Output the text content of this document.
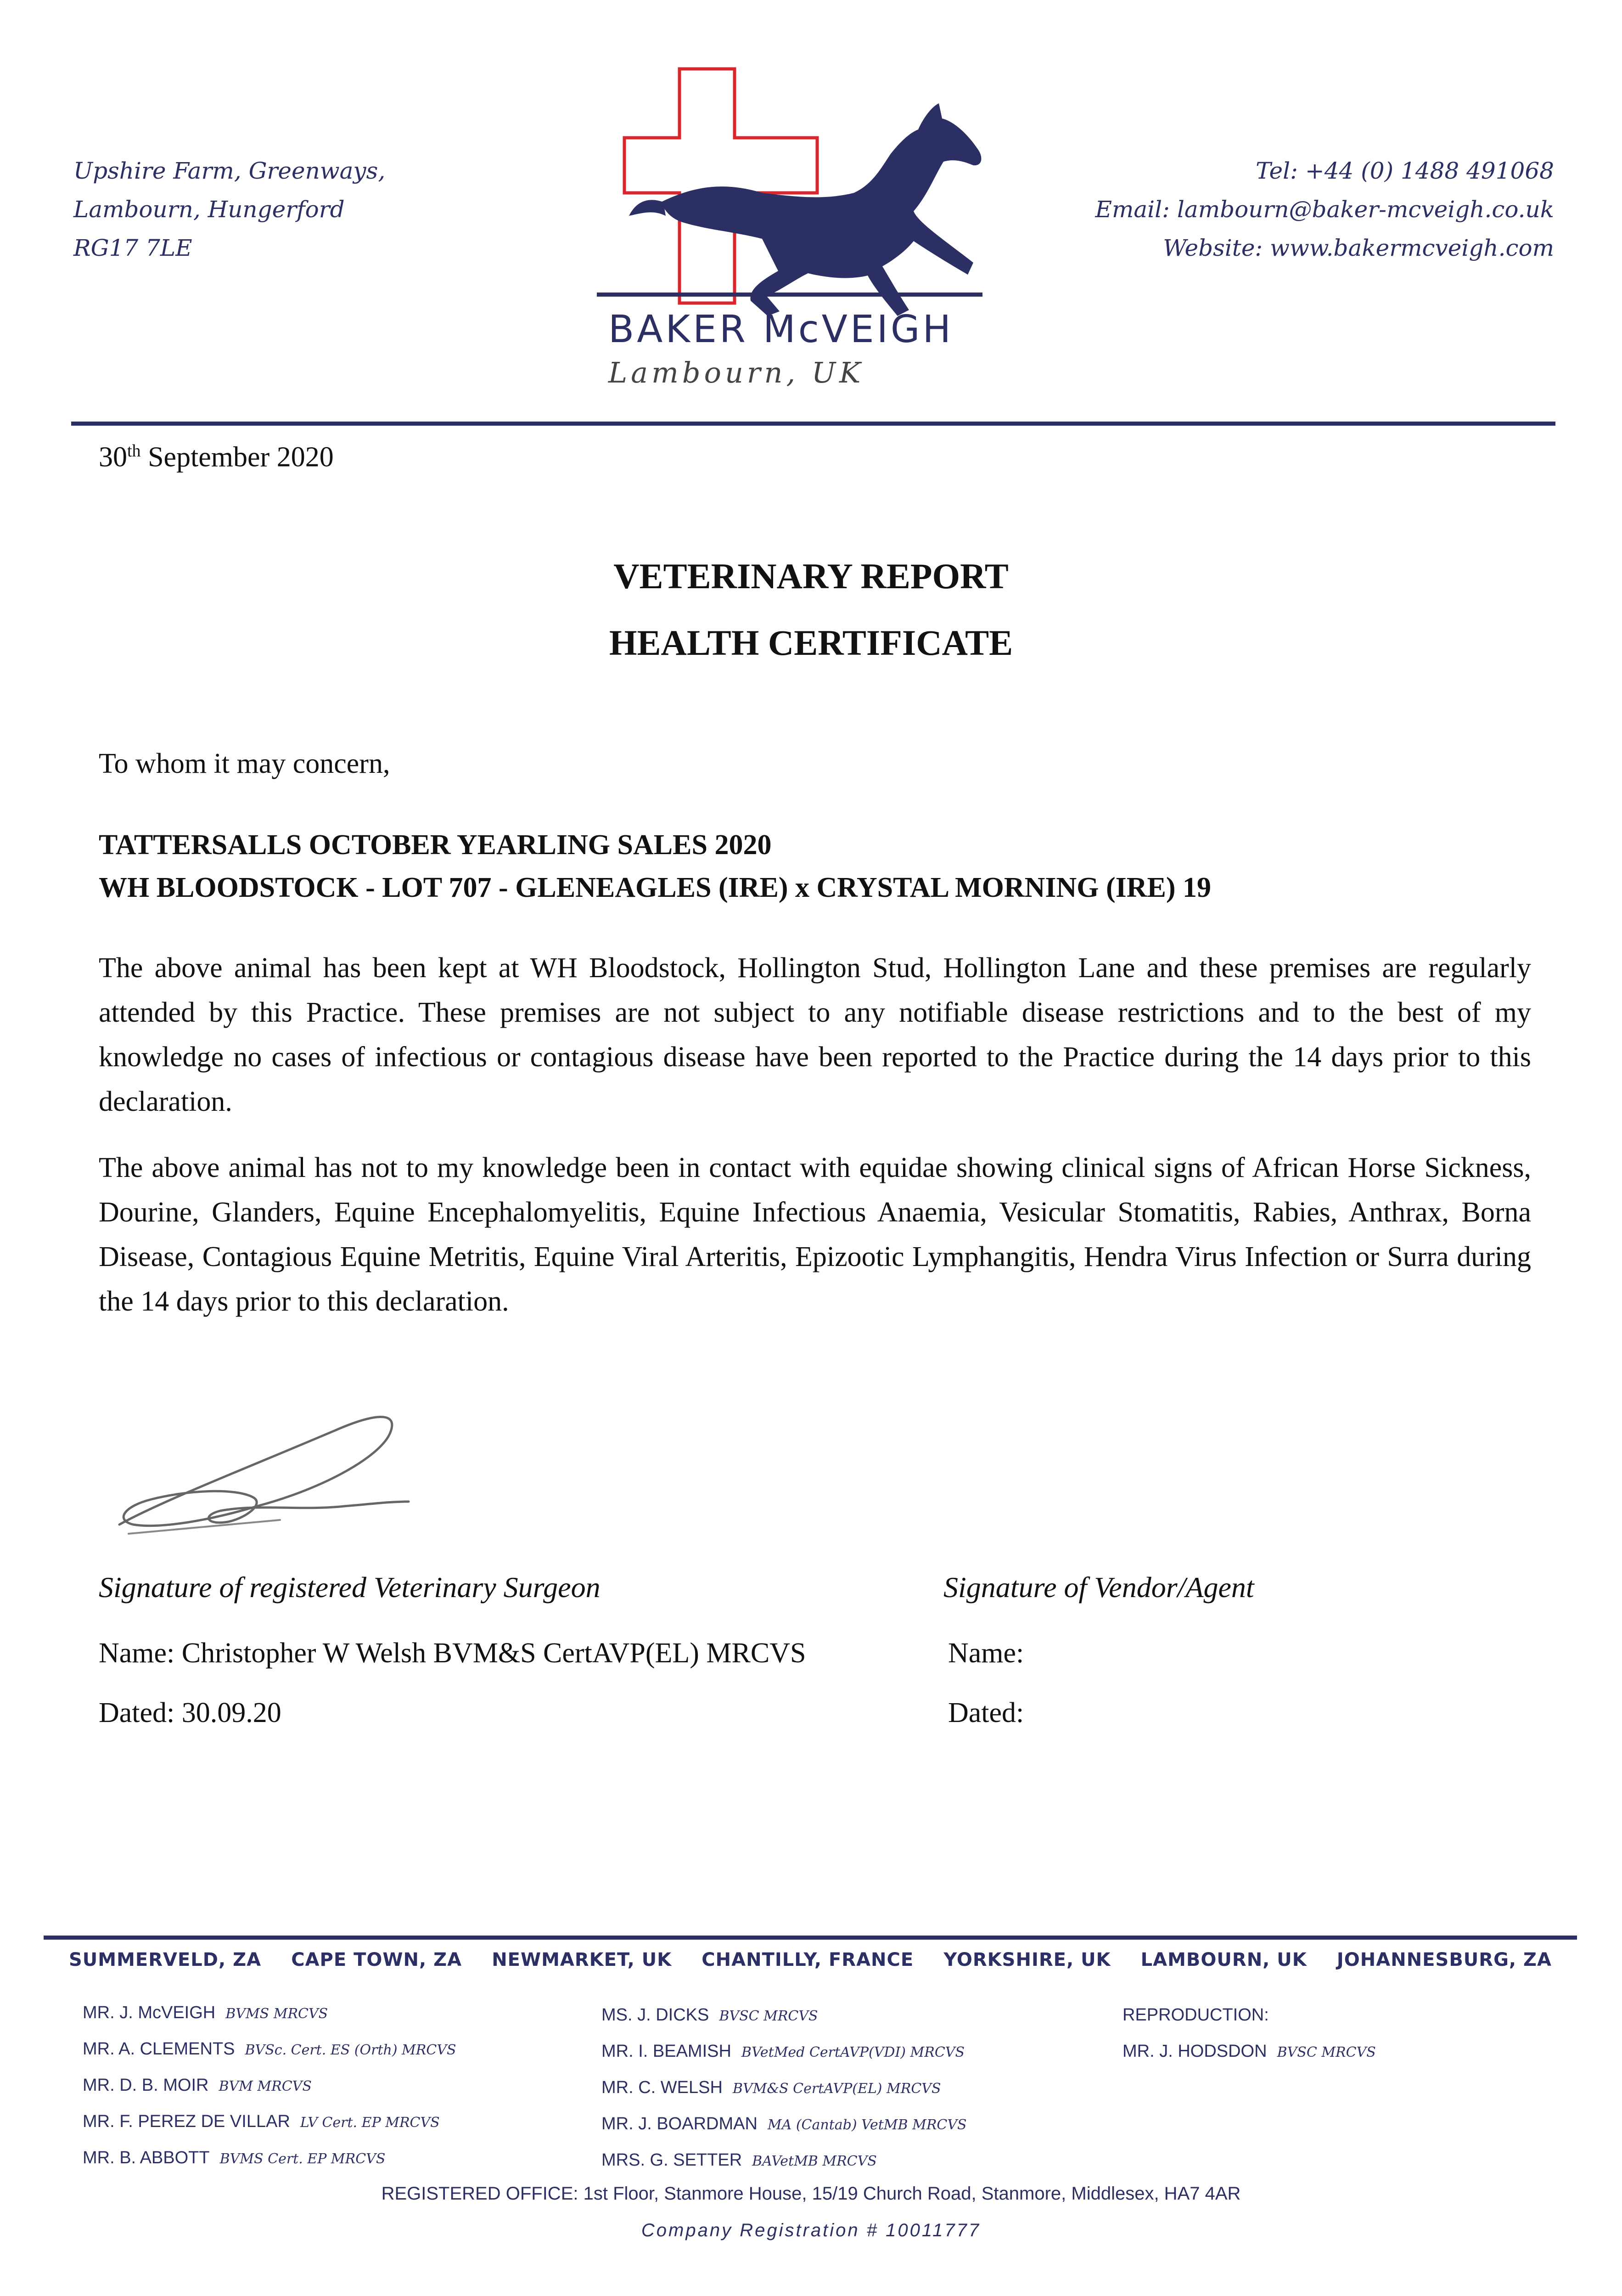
Upshire Farm, Greenways,
Lambourn, Hungerford
RG17 7LE
Tel: +44 (0) 1488 491068
Email: lambourn@baker-mcveigh.co.uk
Website: www.bakermcveigh.com
BAKER McVEIGH
Lambourn, UK
30th September 2020
VETERINARY REPORT
HEALTH CERTIFICATE
To whom it may concern,
TATTERSALLS OCTOBER YEARLING SALES 2020
WH BLOODSTOCK - LOT 707 - GLENEAGLES (IRE) x CRYSTAL MORNING (IRE) 19
The above animal has been kept at WH Bloodstock, Hollington Stud, Hollington Lane and these premises are regularly attended by this Practice. These premises are not subject to any notifiable disease restrictions and to the best of my knowledge no cases of infectious or contagious disease have been reported to the Practice during the 14 days prior to this declaration.
The above animal has not to my knowledge been in contact with equidae showing clinical signs of African Horse Sickness, Dourine, Glanders, Equine Encephalomyelitis, Equine Infectious Anaemia, Vesicular Stomatitis, Rabies, Anthrax, Borna Disease, Contagious Equine Metritis, Equine Viral Arteritis, Epizootic Lymphangitis, Hendra Virus Infection or Surra during the 14 days prior to this declaration.
Signature of registered Veterinary Surgeon	Signature of Vendor/Agent
Name: Christopher W Welsh BVM&S CertAVP(EL) MRCVS	Name:
Dated: 30.09.20	Dated:
SUMMERVELD, ZA CAPE TOWN, ZA NEWMARKET, UK CHANTILLY, FRANCE YORKSHIRE, UK LAMBOURN, UK JOHANNESBURG, ZA
MR. J. McVEIGH BVMS MRCVS
MR. A. CLEMENTS BVSc. Cert. ES (Orth) MRCVS
MR. D. B. MOIR BVM MRCVS
MR. F. PEREZ DE VILLAR LV Cert. EP MRCVS
MR. B. ABBOTT BVMS Cert. EP MRCVS
MS. J. DICKS BVSC MRCVS
MR. I. BEAMISH BVetMed CertAVP(VDI) MRCVS
MR. C. WELSH BVM&S CertAVP(EL) MRCVS
MR. J. BOARDMAN MA (Cantab) VetMB MRCVS
MRS. G. SETTER BAVetMB MRCVS
REPRODUCTION:
MR. J. HODSDON BVSC MRCVS
REGISTERED OFFICE: 1st Floor, Stanmore House, 15/19 Church Road, Stanmore, Middlesex, HA7 4AR
Company Registration # 10011777
